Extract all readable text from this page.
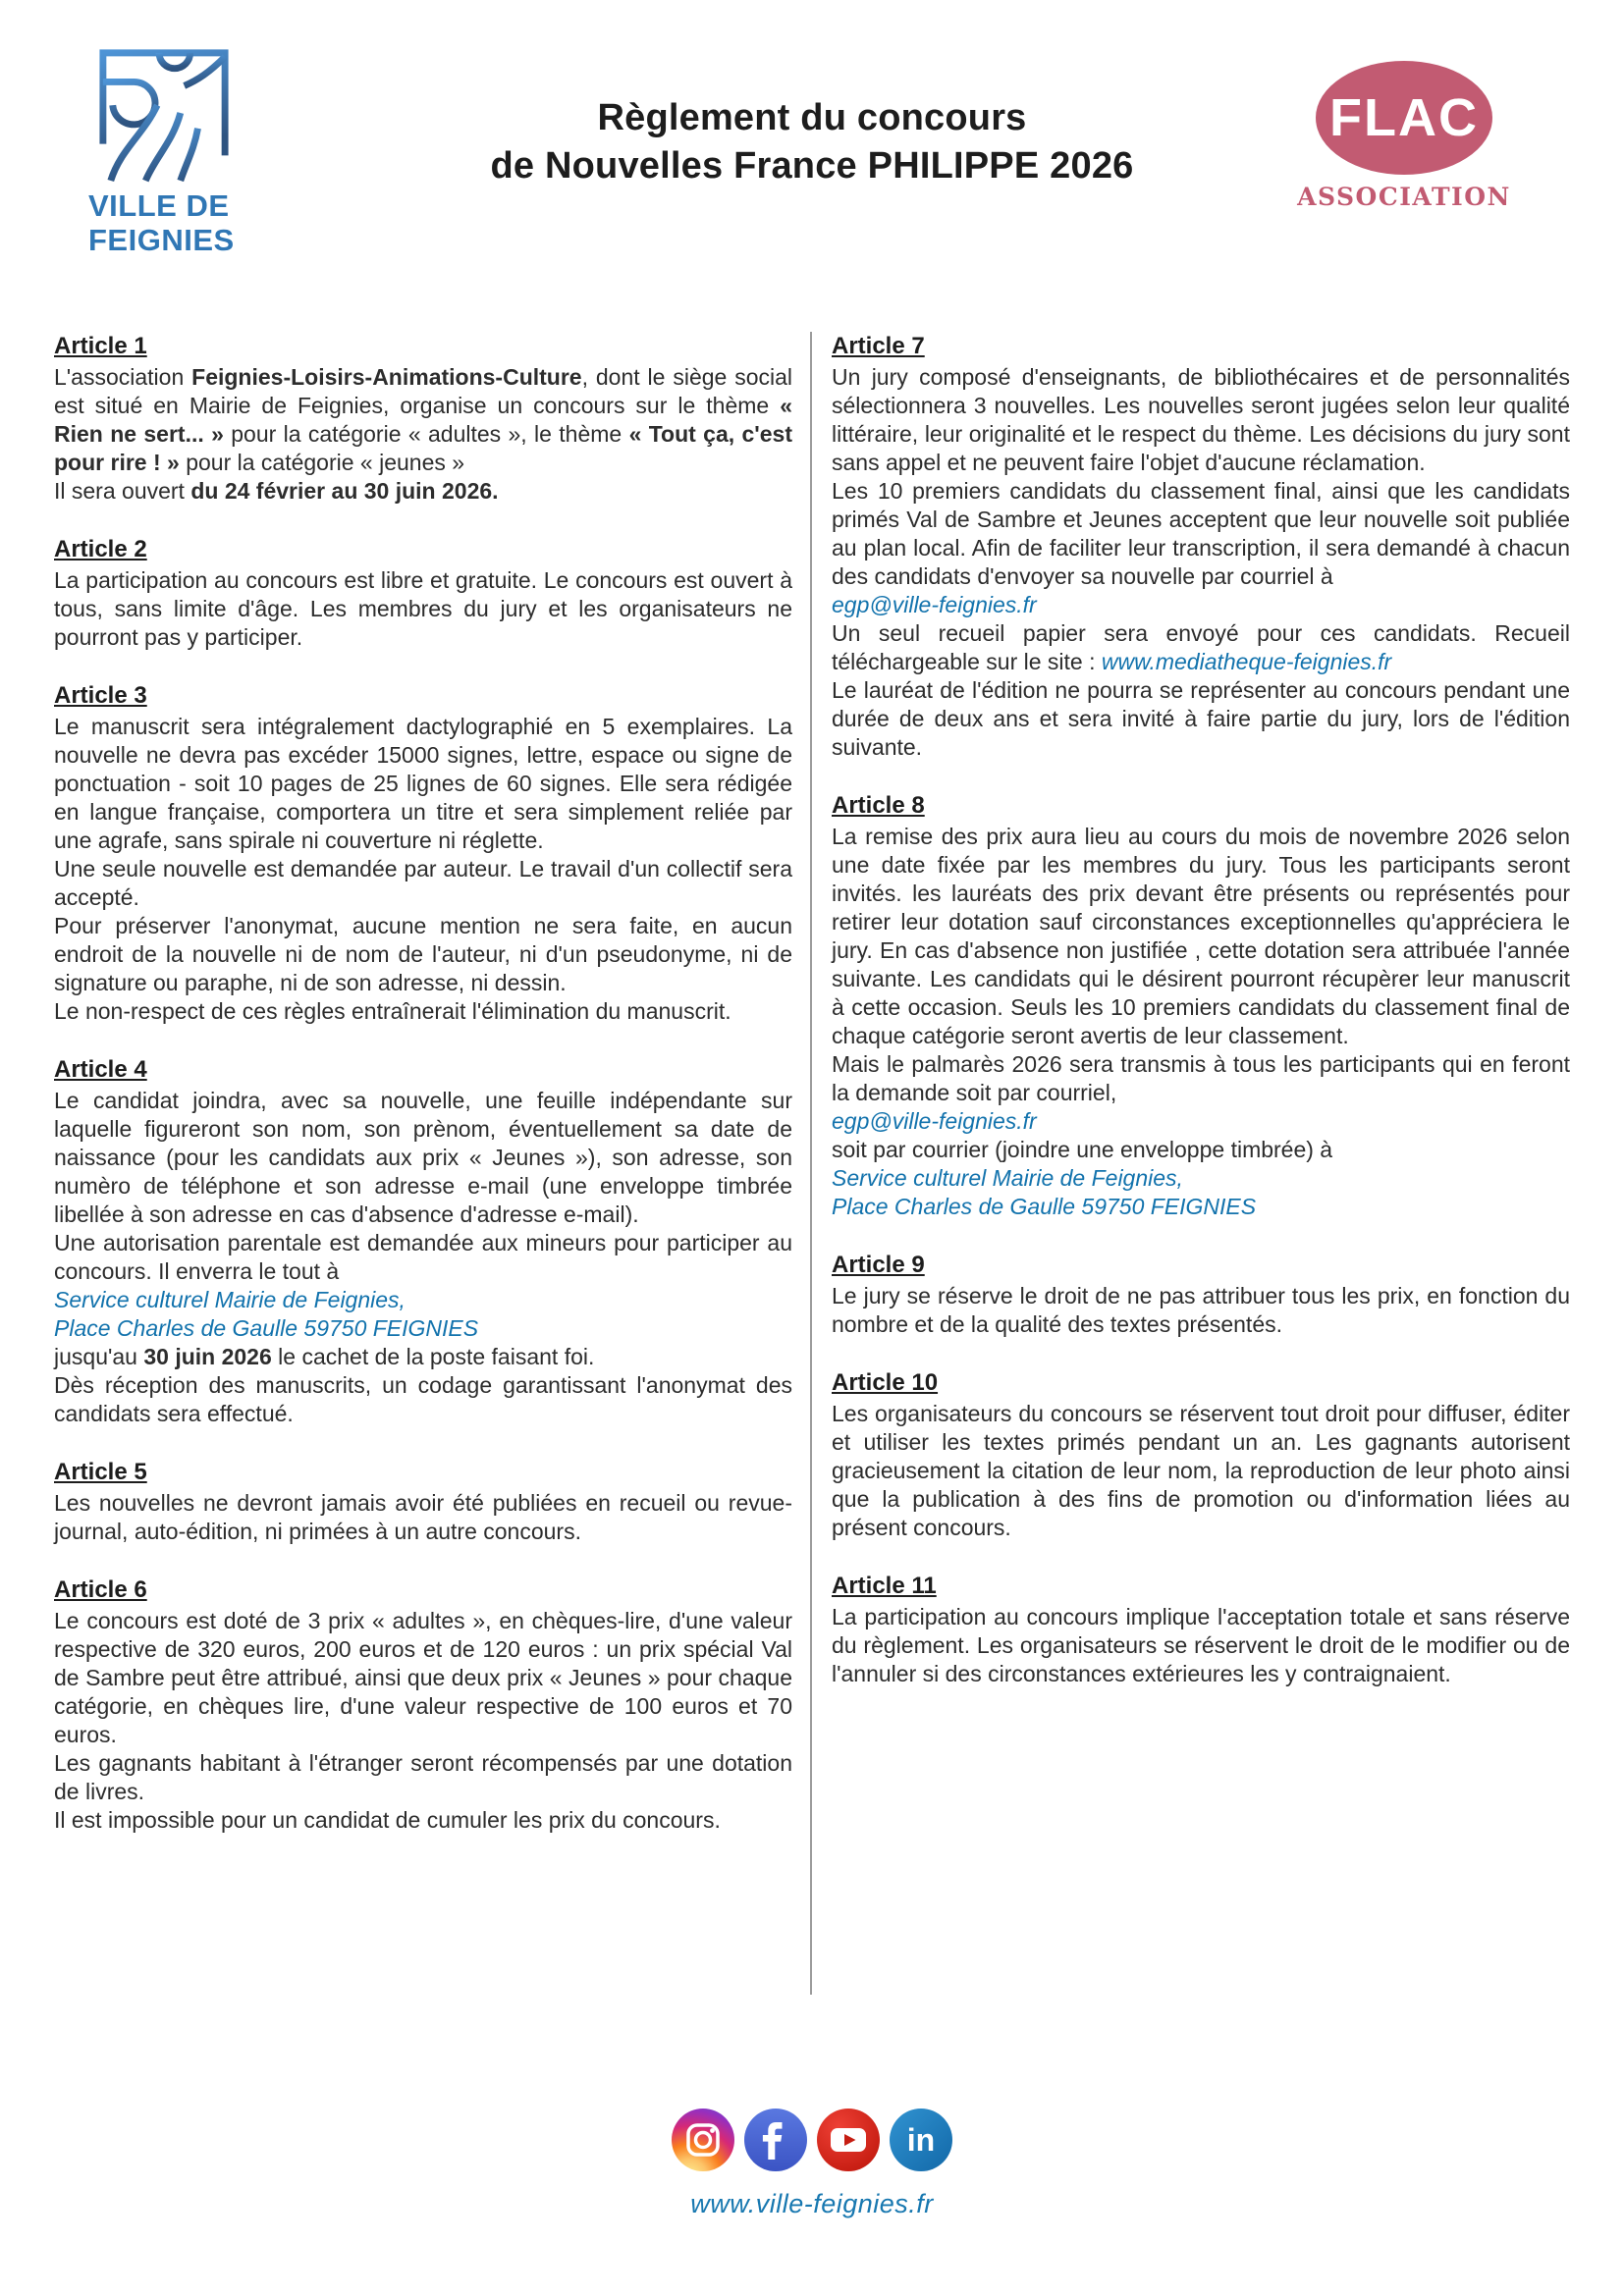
VILLE DE
FEIGNIES
Règlement du concours
de Nouvelles France PHILIPPE 2026
FLAC
ASSOCIATION
Article 1

L'association Feignies-Loisirs-Animations-Culture, dont le siège social est situé en Mairie de Feignies, organise un concours sur le thème « Rien ne sert... » pour la catégorie « adultes », le thème « Tout ça, c'est pour rire ! » pour la catégorie « jeunes »

Il sera ouvert du 24 février au 30 juin 2026.

Article 2

La participation au concours est libre et gratuite. Le concours est ouvert à tous, sans limite d'âge. Les membres du jury et les organisateurs ne pourront pas y participer.

Article 3

Le manuscrit sera intégralement dactylographié en 5 exemplaires. La nouvelle ne devra pas excéder 15000 signes, lettre, espace ou signe de ponctuation - soit 10 pages de 25 lignes de 60 signes. Elle sera rédigée en langue française, comportera un titre et sera simplement reliée par une agrafe, sans spirale ni couverture ni réglette.

Une seule nouvelle est demandée par auteur. Le travail d'un collectif sera accepté.

Pour préserver l'anonymat, aucune mention ne sera faite, en aucun endroit de la nouvelle ni de nom de l'auteur, ni d'un pseudonyme, ni de signature ou paraphe, ni de son adresse, ni dessin.

Le non-respect de ces règles entraînerait l'élimination du manuscrit.

Article 4

Le candidat joindra, avec sa nouvelle, une feuille indépendante sur laquelle figureront son nom, son prènom, éventuellement sa date de naissance (pour les candidats aux prix « Jeunes »), son adresse, son numèro de téléphone et son adresse e-mail (une enveloppe timbrée libellée à son adresse en cas d'absence d'adresse e-mail).

Une autorisation parentale est demandée aux mineurs pour participer au concours. Il enverra le tout à

Service culturel Mairie de Feignies,

Place Charles de Gaulle 59750 FEIGNIES

jusqu'au 30 juin 2026 le cachet de la poste faisant foi.

Dès réception des manuscrits, un codage garantissant l'anonymat des candidats sera effectué.

Article 5

Les nouvelles ne devront jamais avoir été publiées en recueil ou revue-journal, auto-édition, ni primées à un autre concours.

Article 6

Le concours est doté de 3 prix « adultes », en chèques-lire, d'une valeur respective de 320 euros, 200 euros et de 120 euros : un prix spécial Val de Sambre peut être attribué, ainsi que deux prix « Jeunes » pour chaque catégorie, en chèques lire, d'une valeur respective de 100 euros et 70 euros.

Les gagnants habitant à l'étranger seront récompensés par une dotation de livres.

Il est impossible pour un candidat de cumuler les prix du concours.

Article 7

Un jury composé d'enseignants, de bibliothécaires et de personnalités sélectionnera 3 nouvelles. Les nouvelles seront jugées selon leur qualité littéraire, leur originalité et le respect du thème. Les décisions du jury sont sans appel et ne peuvent faire l'objet d'aucune réclamation.

Les 10 premiers candidats du classement final, ainsi que les candidats primés Val de Sambre et Jeunes acceptent que leur nouvelle soit publiée au plan local. Afin de faciliter leur transcription, il sera demandé à chacun des candidats d'envoyer sa nouvelle par courriel à

egp@ville-feignies.fr

Un seul recueil papier sera envoyé pour ces candidats. Recueil téléchargeable sur le site : www.mediatheque-feignies.fr

Le lauréat de l'édition ne pourra se représenter au concours pendant une durée de deux ans et sera invité à faire partie du jury, lors de l'édition suivante.

Article 8

La remise des prix aura lieu au cours du mois de novembre 2026 selon une date fixée par les membres du jury. Tous les participants seront invités. les lauréats des prix devant être présents ou représentés pour retirer leur dotation sauf circonstances exceptionnelles qu'appréciera le jury. En cas d'absence non justifiée , cette dotation sera attribuée l'année suivante. Les candidats qui le désirent pourront récupèrer leur manuscrit à cette occasion. Seuls les 10 premiers candidats du classement final de chaque catégorie seront avertis de leur classement.

Mais le palmarès 2026 sera transmis à tous les participants qui en feront la demande soit par courriel,

egp@ville-feignies.fr

soit par courrier (joindre une enveloppe timbrée) à

Service culturel Mairie de Feignies,

Place Charles de Gaulle 59750 FEIGNIES

Article 9

Le jury se réserve le droit de ne pas attribuer tous les prix, en fonction du nombre et de la qualité des textes présentés.

Article 10

Les organisateurs du concours se réservent tout droit pour diffuser, éditer et utiliser les textes primés pendant un an. Les gagnants autorisent gracieusement la citation de leur nom, la reproduction de leur photo ainsi que la publication à des fins de promotion ou d'information liées au présent concours.

Article 11

La participation au concours implique l'acceptation totale et sans réserve du règlement. Les organisateurs se réservent le droit de le modifier ou de l'annuler si des circonstances extérieures les y contraignaient.

in
www.ville-feignies.fr
